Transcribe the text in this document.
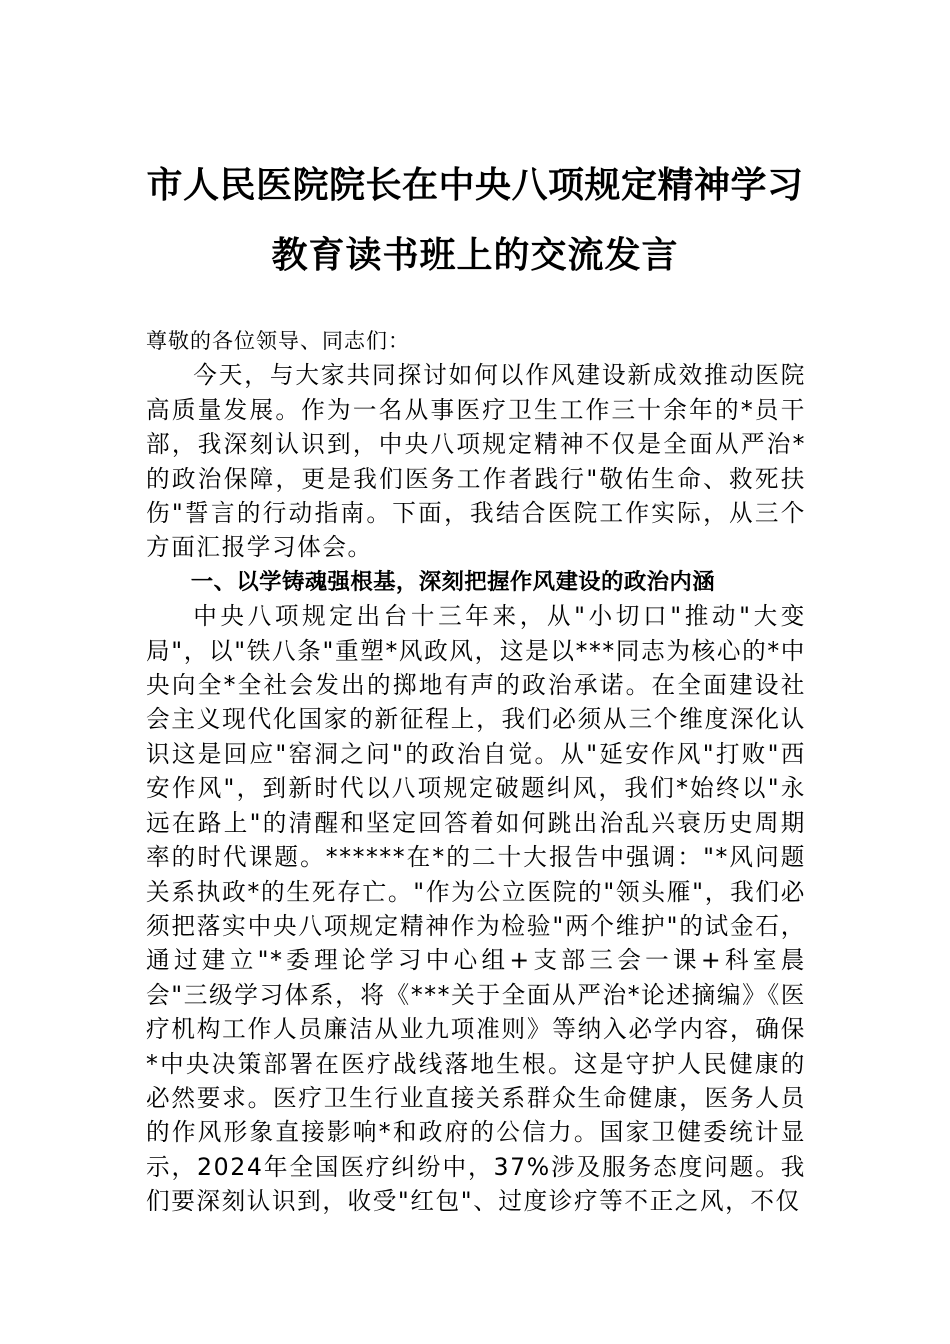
市人民医院院长在中央八项规定精神学习
教育读书班上的交流发言

尊敬的各位领导、同志们：

今天，与大家共同探讨如何以作风建设新成效推动医院高质量发展。作为一名从事医疗卫生工作三十余年的*员干部，我深刻认识到，中央八项规定精神不仅是全面从严治*的政治保障，更是我们医务工作者践行"敬佑生命、救死扶伤"誓言的行动指南。下面，我结合医院工作实际，从三个方面汇报学习体会。

一、以学铸魂强根基，深刻把握作风建设的政治内涵

中央八项规定出台十三年来，从"小切口"推动"大变局"，以"铁八条"重塑*风政风，这是以***同志为核心的*中央向全*全社会发出的掷地有声的政治承诺。在全面建设社会主义现代化国家的新征程上，我们必须从三个维度深化认识这是回应"窑洞之问"的政治自觉。从"延安作风"打败"西安作风"，到新时代以八项规定破题纠风，我们*始终以"永远在路上"的清醒和坚定回答着如何跳出治乱兴衰历史周期率的时代课题。******在*的二十大报告中强调："*风问题关系执政*的生死存亡。"作为公立医院的"领头雁"，我们必须把落实中央八项规定精神作为检验"两个维护"的试金石，通过建立"*委理论学习中心组+支部三会一课+科室晨会"三级学习体系，将《***关于全面从严治*论述摘编》《医疗机构工作人员廉洁从业九项准则》等纳入必学内容，确保*中央决策部署在医疗战线落地生根。这是守护人民健康的必然要求。医疗卫生行业直接关系群众生命健康，医务人员的作风形象直接影响*和政府的公信力。国家卫健委统计显示，2024年全国医疗纠纷中，37%涉及服务态度问题。我们要深刻认识到，收受"红包"、过度诊疗等不正之风，不仅
